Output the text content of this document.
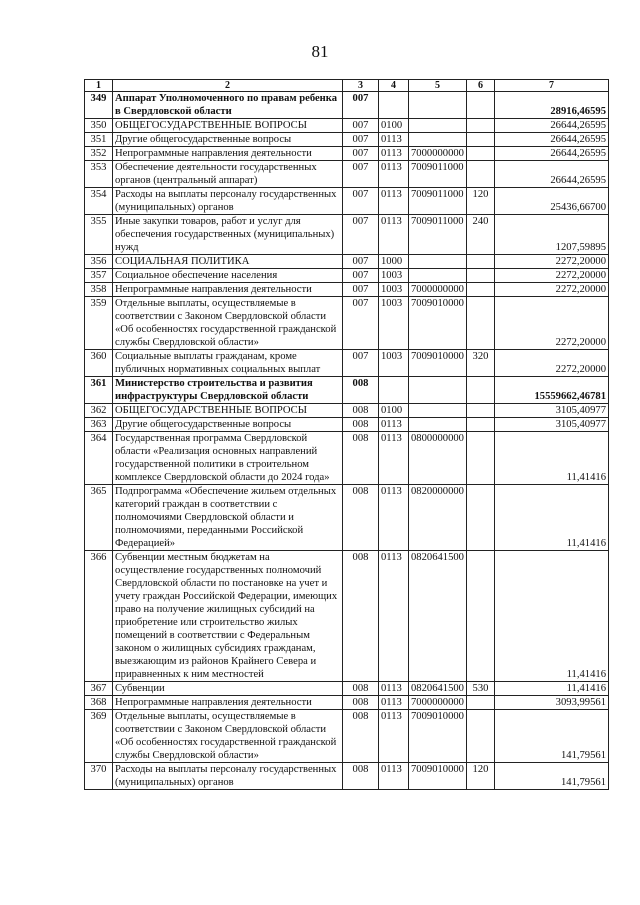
81
1	2	3	4	5	6	7
349	Аппарат Уполномоченного по правам ребенка в Свердловской области	007				28916,46595
350	ОБЩЕГОСУДАРСТВЕННЫЕ ВОПРОСЫ	007	0100			26644,26595
351	Другие общегосударственные вопросы	007	0113			26644,26595
352	Непрограммные направления деятельности	007	0113	7000000000		26644,26595
353	Обеспечение деятельности государственных органов (центральный аппарат)	007	0113	7009011000		26644,26595
354	Расходы на выплаты персоналу государственных (муниципальных) органов	007	0113	7009011000	120	25436,66700
355	Иные закупки товаров, работ и услуг для обеспечения государственных (муниципальных) нужд	007	0113	7009011000	240	1207,59895
356	СОЦИАЛЬНАЯ ПОЛИТИКА	007	1000			2272,20000
357	Социальное обеспечение населения	007	1003			2272,20000
358	Непрограммные направления деятельности	007	1003	7000000000		2272,20000
359	Отдельные выплаты, осуществляемые в соответствии с Законом Свердловской области «Об особенностях государственной гражданской службы Свердловской области»	007	1003	7009010000		2272,20000
360	Социальные выплаты гражданам, кроме публичных нормативных социальных выплат	007	1003	7009010000	320	2272,20000
361	Министерство строительства и развития инфраструктуры Свердловской области	008				15559662,46781
362	ОБЩЕГОСУДАРСТВЕННЫЕ ВОПРОСЫ	008	0100			3105,40977
363	Другие общегосударственные вопросы	008	0113			3105,40977
364	Государственная программа Свердловской области «Реализация основных направлений государственной политики в строительном комплексе Свердловской области до 2024 года»	008	0113	0800000000		11,41416
365	Подпрограмма «Обеспечение жильем отдельных категорий граждан в соответствии с полномочиями Свердловской области и полномочиями, переданными Российской Федерацией»	008	0113	0820000000		11,41416
366	Субвенции местным бюджетам на осуществление государственных полномочий Свердловской области по постановке на учет и учету граждан Российской Федерации, имеющих право на получение жилищных субсидий на приобретение или строительство жилых помещений в соответствии с Федеральным законом о жилищных субсидиях гражданам, выезжающим из районов Крайнего Севера и приравненных к ним местностей	008	0113	0820641500		11,41416
367	Субвенции	008	0113	0820641500	530	11,41416
368	Непрограммные направления деятельности	008	0113	7000000000		3093,99561
369	Отдельные выплаты, осуществляемые в соответствии с Законом Свердловской области «Об особенностях государственной гражданской службы Свердловской области»	008	0113	7009010000		141,79561
370	Расходы на выплаты персоналу государственных (муниципальных) органов	008	0113	7009010000	120	141,79561
